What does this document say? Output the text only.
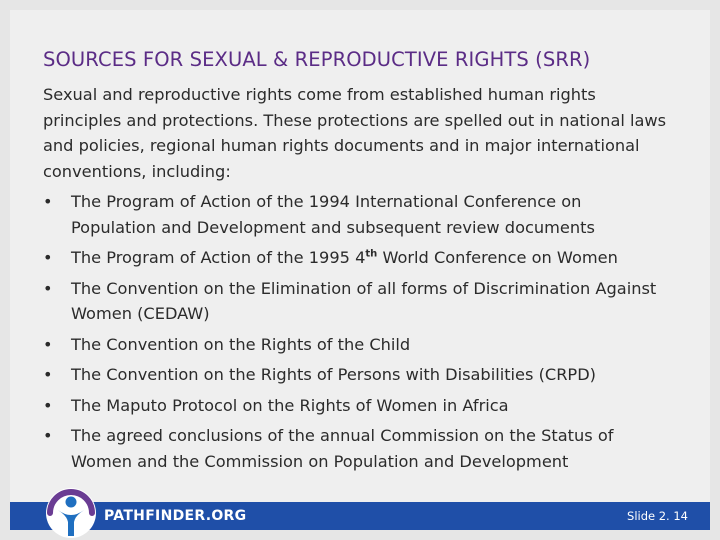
SOURCES FOR SEXUAL & REPRODUCTIVE RIGHTS (SRR)

Sexual and reproductive rights come from established human rights principles and protections. These protections are spelled out in national laws and policies, regional human rights documents and in major international conventions, including:

• The Program of Action of the 1994 International Conference on Population and Development and subsequent review documents
• The Program of Action of the 1995 4th World Conference on Women
• The Convention on the Elimination of all forms of Discrimination Against Women (CEDAW)
• The Convention on the Rights of the Child
• The Convention on the Rights of Persons with Disabilities (CRPD)
• The Maputo Protocol on the Rights of Women in Africa
• The agreed conclusions of the annual Commission on the Status of Women and the Commission on Population and Development
PATHFINDER.ORG	Slide 2. 14
